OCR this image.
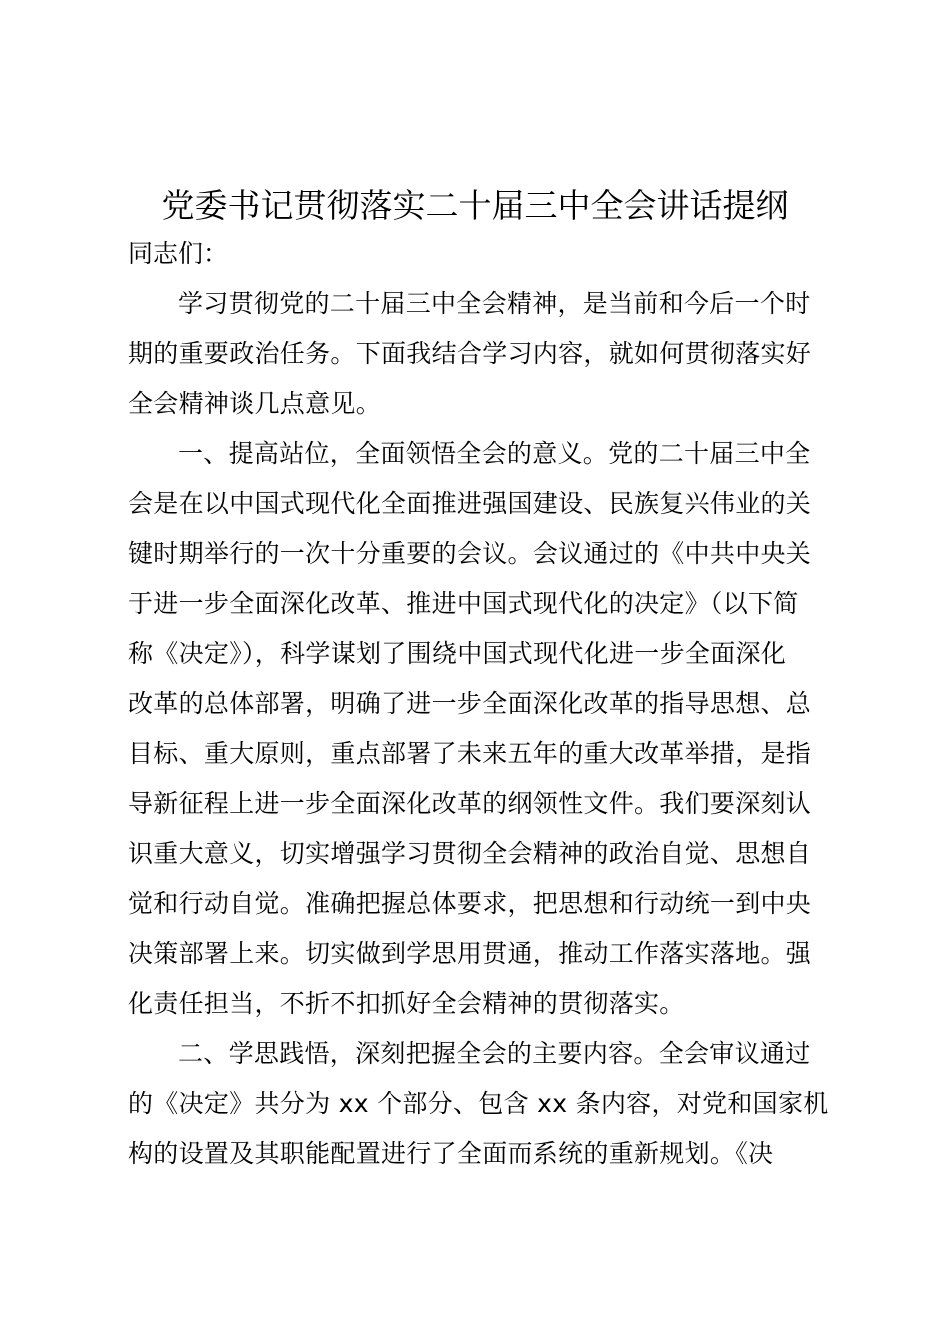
党委书记贯彻落实二十届三中全会讲话提纲
同志们：
学习贯彻党的二十届三中全会精神，是当前和今后一个时
期的重要政治任务。下面我结合学习内容，就如何贯彻落实好
全会精神谈几点意见。
一、提高站位，全面领悟全会的意义。党的二十届三中全
会是在以中国式现代化全面推进强国建设、民族复兴伟业的关
键时期举行的一次十分重要的会议。会议通过的《中共中央关
于进一步全面深化改革、推进中国式现代化的决定》（以下简
称《决定》），科学谋划了围绕中国式现代化进一步全面深化
改革的总体部署，明确了进一步全面深化改革的指导思想、总
目标、重大原则，重点部署了未来五年的重大改革举措，是指
导新征程上进一步全面深化改革的纲领性文件。我们要深刻认
识重大意义，切实增强学习贯彻全会精神的政治自觉、思想自
觉和行动自觉。准确把握总体要求，把思想和行动统一到中央
决策部署上来。切实做到学思用贯通，推动工作落实落地。强
化责任担当，不折不扣抓好全会精神的贯彻落实。
二、学思践悟，深刻把握全会的主要内容。全会审议通过
的《决定》共分为 xx 个部分、包含 xx 条内容，对党和国家机
构的设置及其职能配置进行了全面而系统的重新规划。《决
